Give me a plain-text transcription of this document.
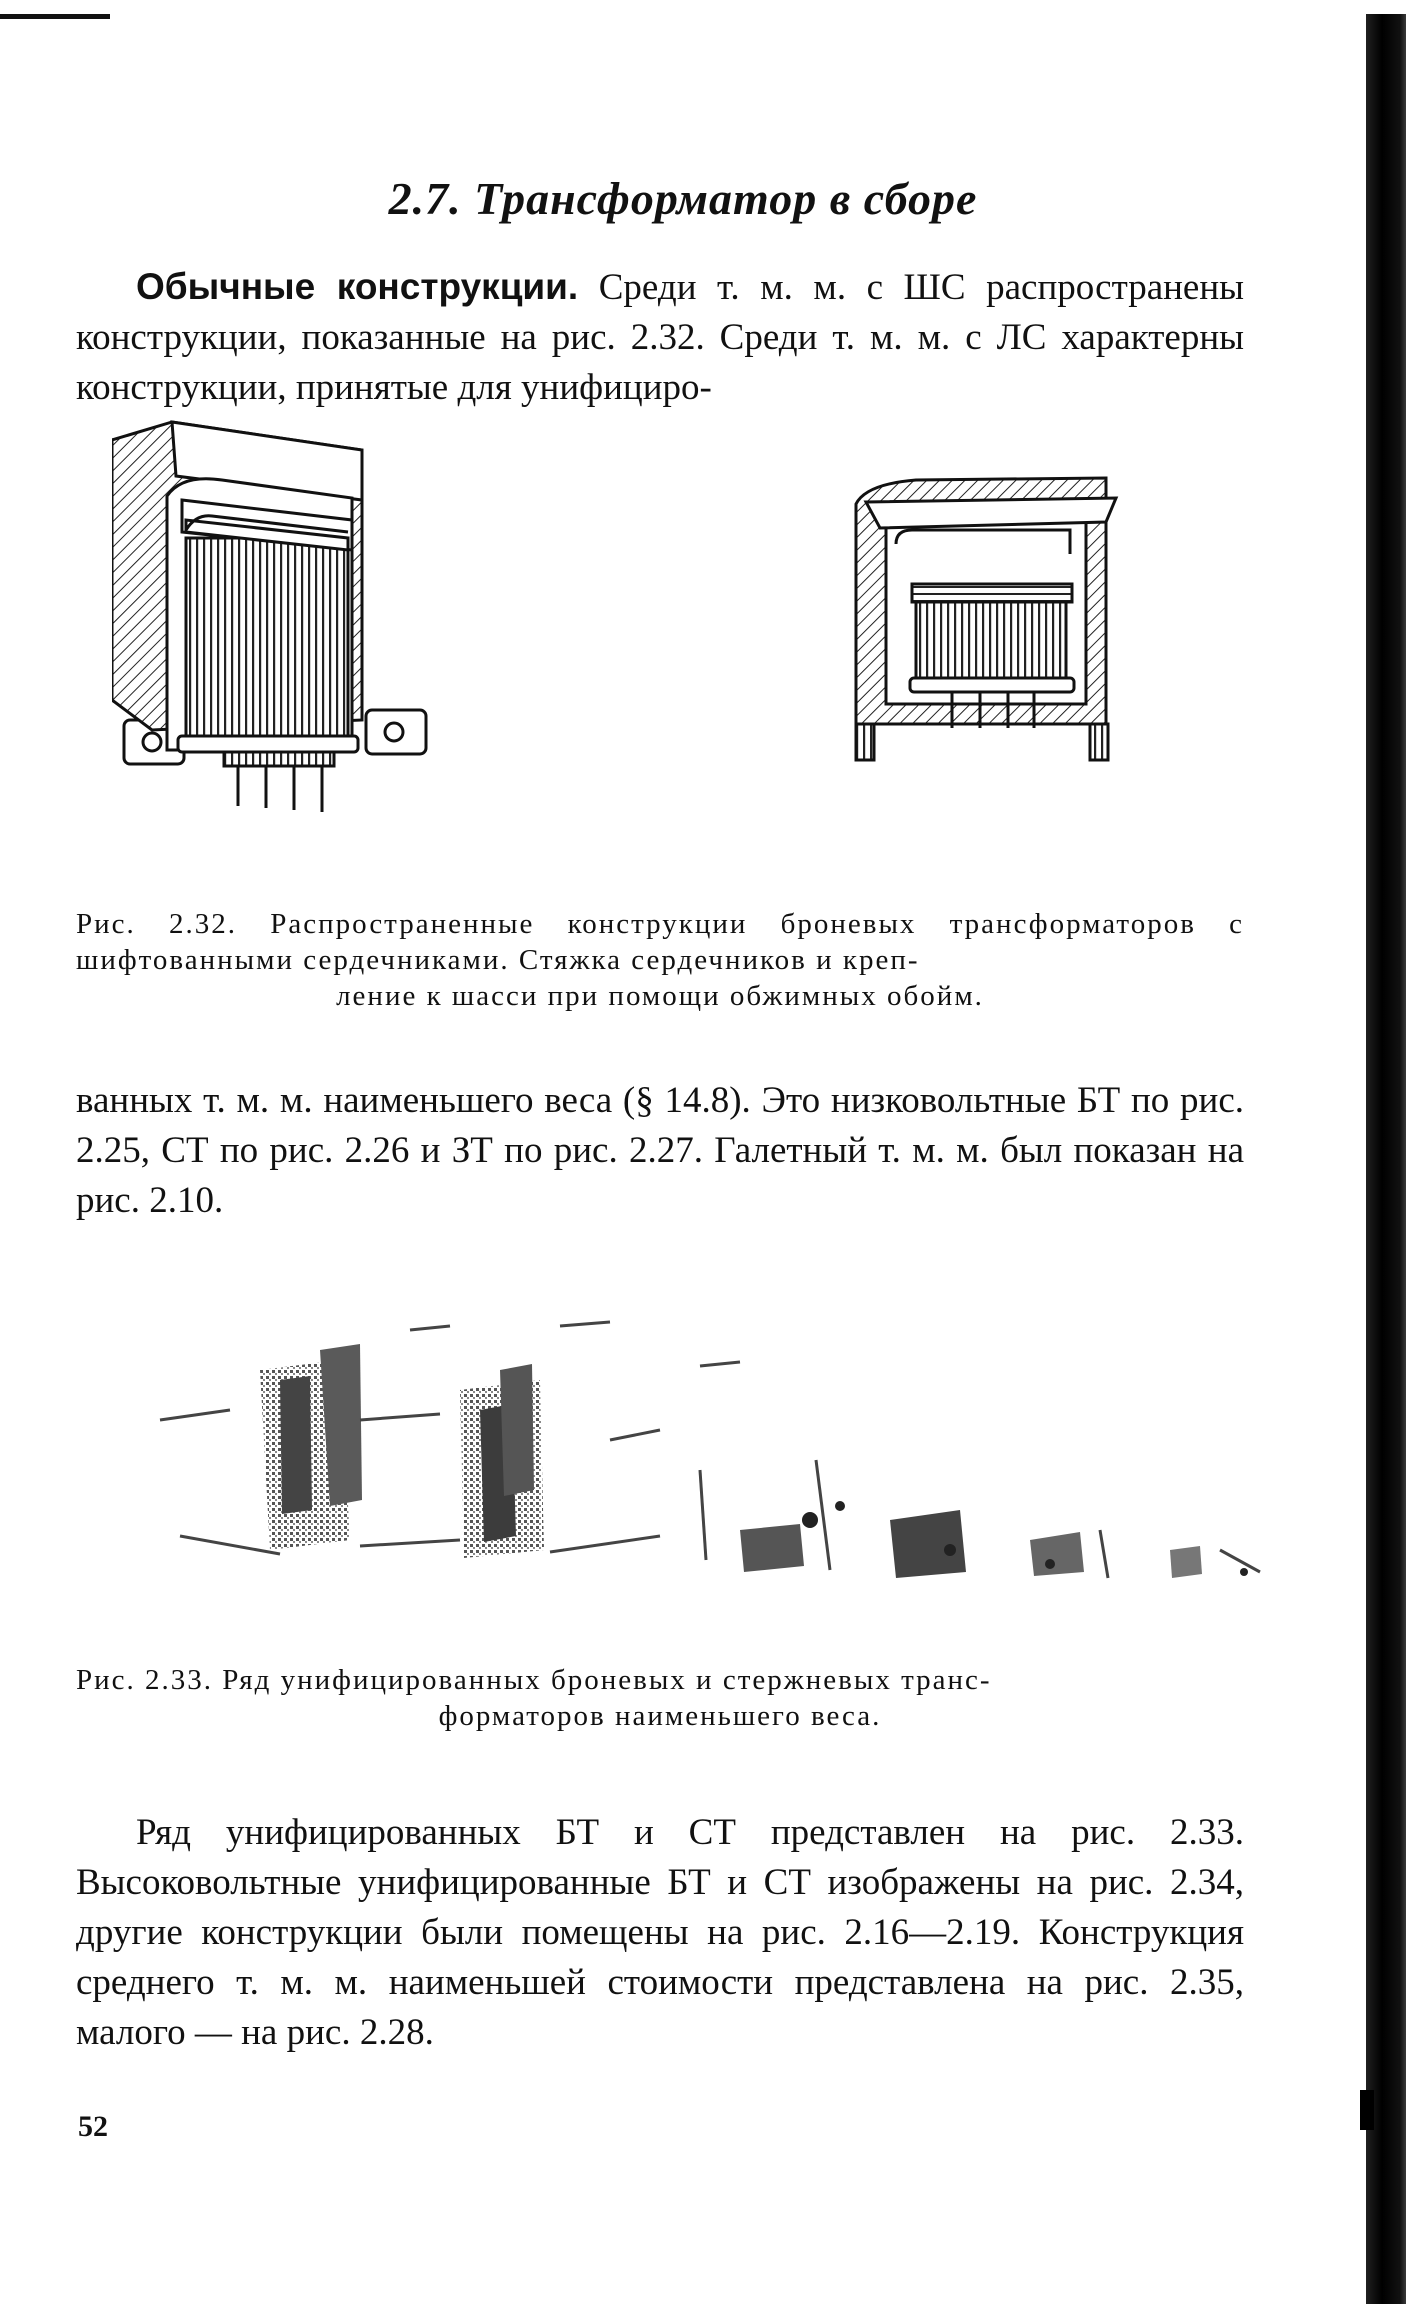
2.7. Трансформатор в сборе

Обычные конструкции. Среди т. м. м. с ШС распространены конструкции, показанные на рис. 2.32. Среди т. м. м. с ЛС характерны конструкции, принятые для унифициро-

Рис. 2.32. Распространенные конструкции броневых трансформаторов с шифтованными сердечниками. Стяжка сердечников и креп-
ление к шасси при помощи обжимных обойм.

ванных т. м. м. наименьшего веса (§ 14.8). Это низковольтные БТ по рис. 2.25, СТ по рис. 2.26 и ЗТ по рис. 2.27. Галетный т. м. м. был показан на рис. 2.10.

Рис. 2.33. Ряд унифицированных броневых и стержневых транс-
форматоров наименьшего веса.

Ряд унифицированных БТ и СТ представлен на рис. 2.33. Высоковольтные унифицированные БТ и СТ изображены на рис. 2.34, другие конструкции были помещены на рис. 2.16—2.19. Конструкция среднего т. м. м. наименьшей стоимости представлена на рис. 2.35, малого — на рис. 2.28.

52
